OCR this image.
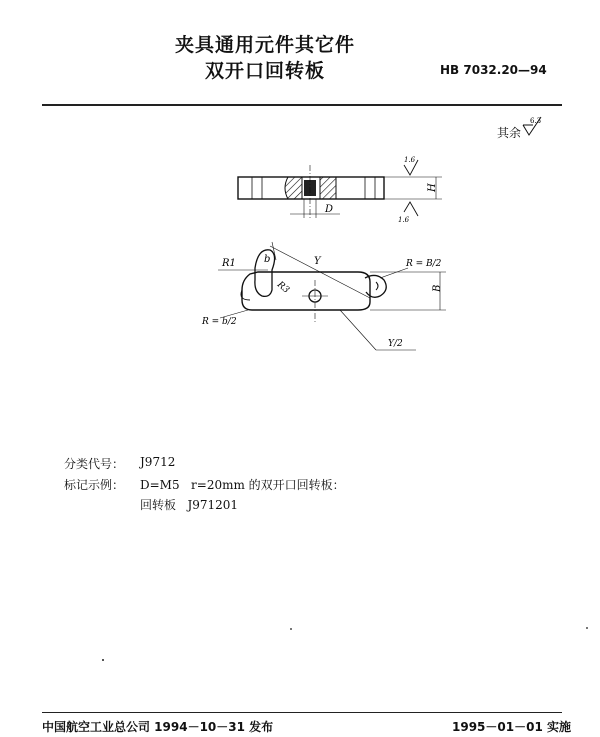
夹具通用元件其它件
双开口回转板	HB 7032.20—94
其余
6.3
D
H
1.6
1.6
Y
R1	b
R3
R = B/2
B
R = b/2
Y/2
分类代号： J9712
标记示例： D=M5   r=20mm 的双开口回转板：
回转板   J971201
中国航空工业总公司 1994－10－31 发布	1995－01－01 实施
